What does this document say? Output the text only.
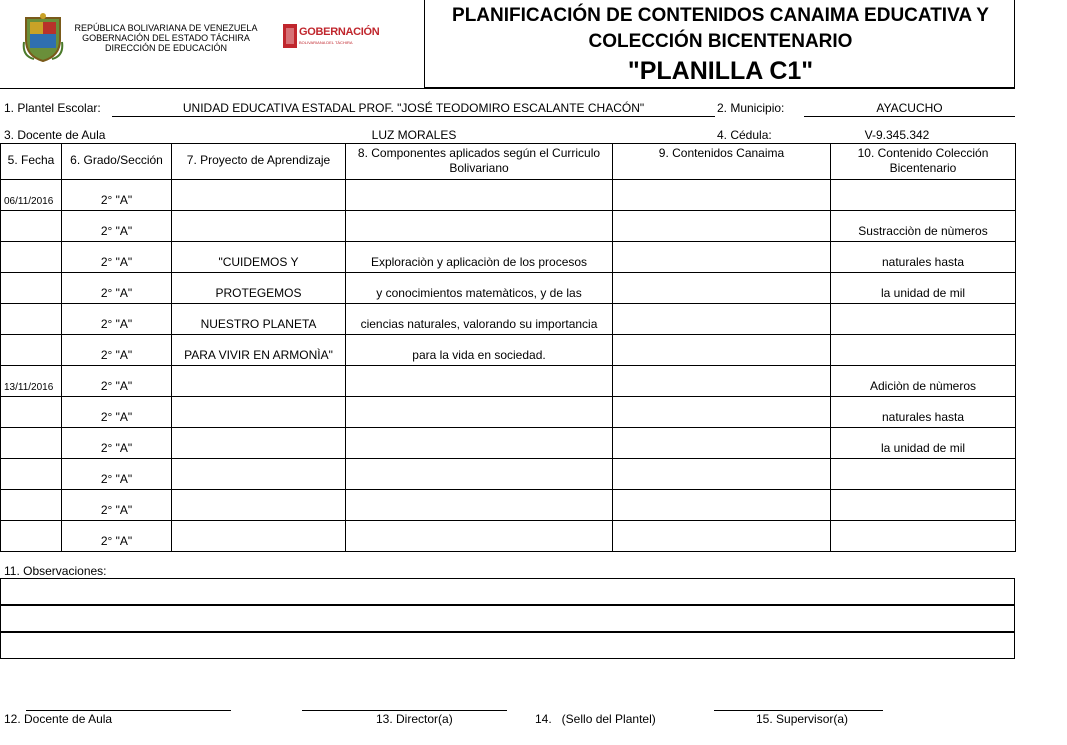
REPÚBLICA BOLIVARIANA DE VENEZUELA
GOBERNACIÓN DEL ESTADO TÁCHIRA
DIRECCIÓN DE EDUCACIÓN
GOBERNACIÓN
BOLIVARIANA DEL TÁCHIRA
PLANIFICACIÓN DE CONTENIDOS CANAIMA EDUCATIVA Y
COLECCIÓN BICENTENARIO
"PLANILLA C1"
1. Plantel Escolar:	UNIDAD EDUCATIVA ESTADAL PROF. "JOSÉ TEODOMIRO ESCALANTE CHACÓN"	2. Municipio:	AYACUCHO
3. Docente de Aula	LUZ MORALES	4. Cédula:	V-9.345.342
5. Fecha	6. Grado/Sección	7. Proyecto de Aprendizaje	8. Componentes aplicados según el Curriculo Bolivariano	9. Contenidos Canaima	10. Contenido Colección Bicentenario
06/11/2016	2° "A"				
	2° "A"				Sustracciòn de nùmeros
	2° "A"	"CUIDEMOS Y	Exploraciòn y aplicaciòn de los procesos		naturales hasta
	2° "A"	PROTEGEMOS	y conocimientos matemàticos, y de las		la unidad de mil
	2° "A"	NUESTRO PLANETA	ciencias naturales, valorando su importancia		
	2° "A"	PARA VIVIR EN ARMONÌA"	para la vida en sociedad.		
13/11/2016	2° "A"				Adiciòn de nùmeros
	2° "A"				naturales hasta
	2° "A"				la unidad de mil
	2° "A"				
	2° "A"				
	2° "A"				
11. Observaciones:
12. Docente de Aula	13. Director(a)	14.   (Sello del Plantel)	15. Supervisor(a)
